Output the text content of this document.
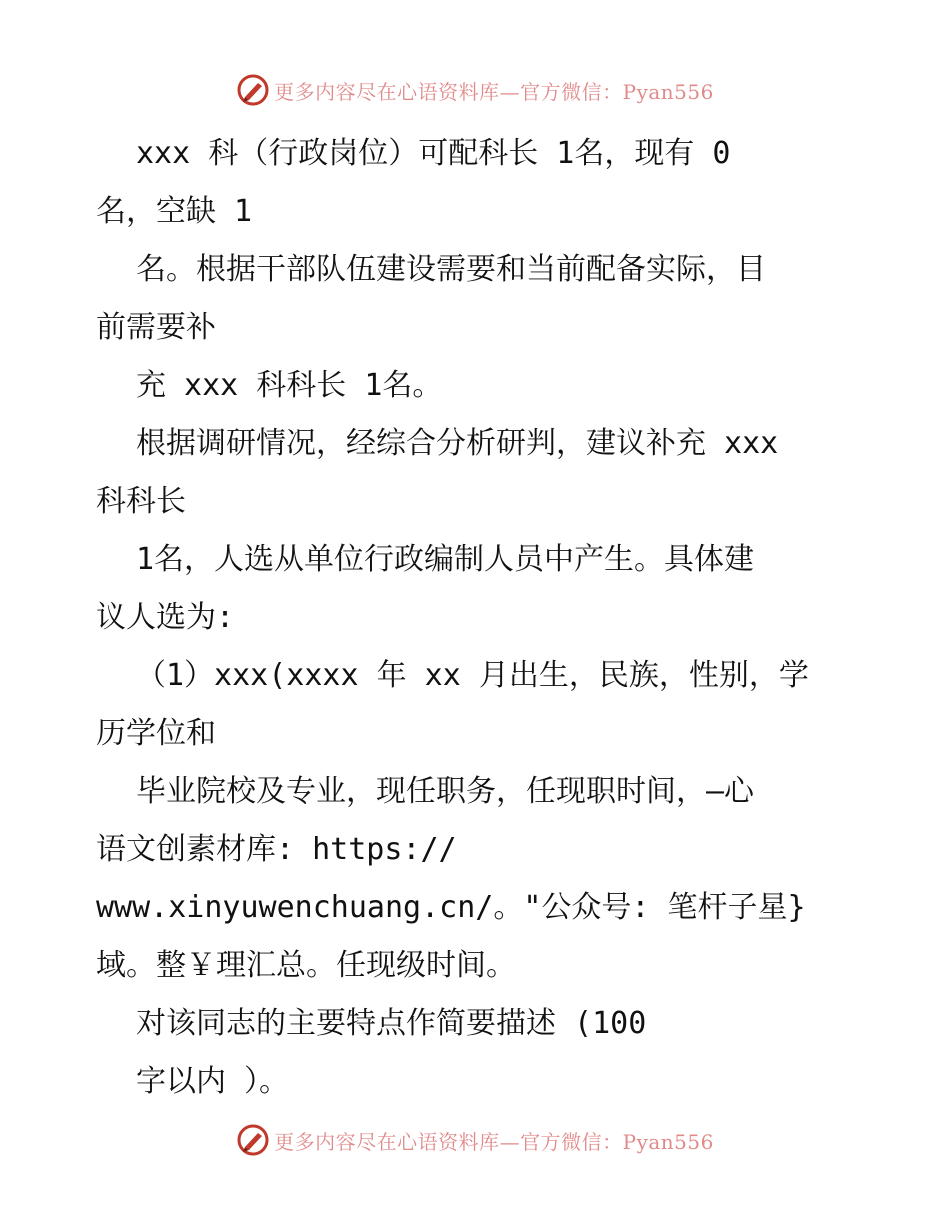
更多内容尽在心语资料库—官方微信：Pyan556
xxx 科（行政岗位）可配科长 1名，现有 0
名，空缺 1
名。根据干部队伍建设需要和当前配备实际，目
前需要补
充 xxx 科科长 1名。
根据调研情况，经综合分析研判，建议补充 xxx
科科长
1名，人选从单位行政编制人员中产生。具体建
议人选为:
（1）xxx(xxxx 年 xx 月出生，民族，性别，学
历学位和
毕业院校及专业，现任职务，任现职时间，—心
语文创素材库: https://
www.xinyuwenchuang.cn/。"公众号: 笔杆子星}
域。整￥理汇总。任现级时间。
对该同志的主要特点作简要描述 (100
字以内 ）。
更多内容尽在心语资料库—官方微信：Pyan556
